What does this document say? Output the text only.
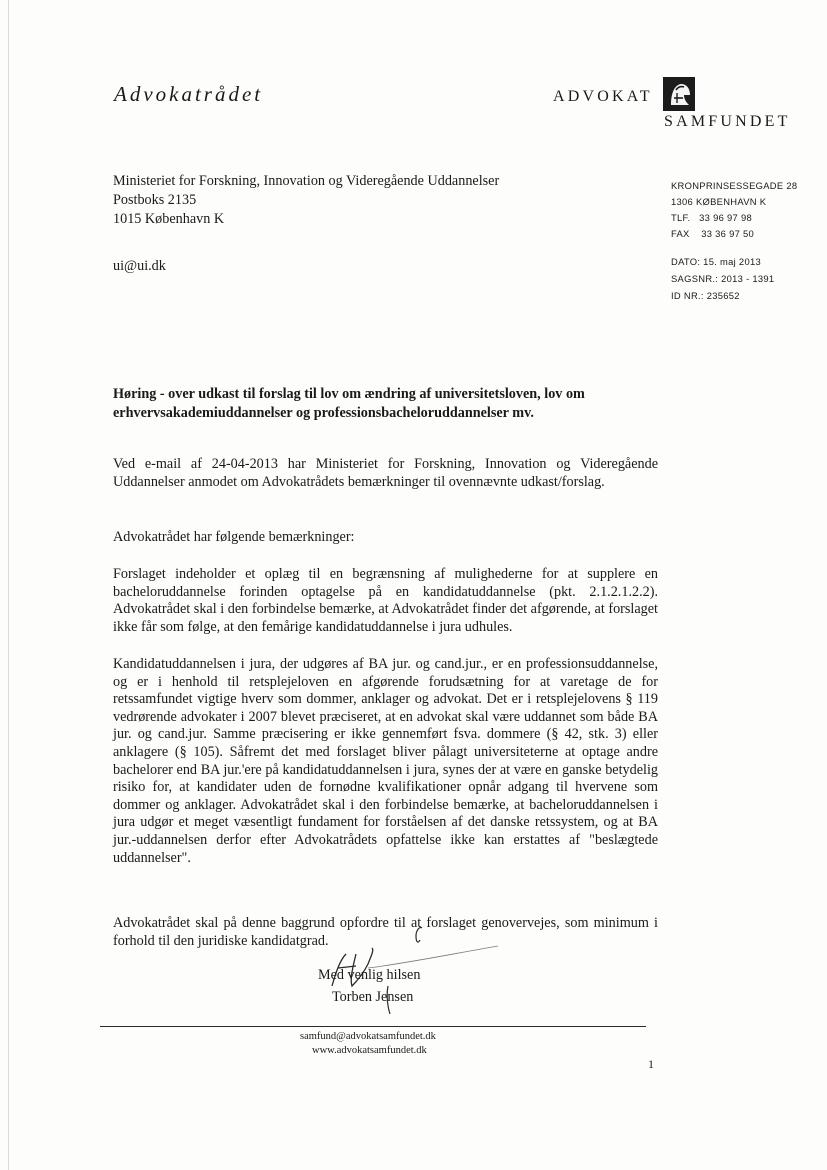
Advokatrådet	ADVOKAT
SAMFUNDET
Ministeriet for Forskning, Innovation og Videregående Uddannelser
Postboks 2135
1015 København K
ui@ui.dk
KRONPRINSESSEGADE 28
1306 KØBENHAVN K
TLF.   33 96 97 98
FAX    33 36 97 50
DATO: 15. maj 2013
SAGSNR.: 2013 - 1391
ID NR.: 235652
Høring - over udkast til forslag til lov om ændring af universitetsloven, lov om erhvervsakademiuddannelser og professionsbacheloruddannelser mv.
Ved e-mail af 24-04-2013 har Ministeriet for Forskning, Innovation og Videregående Uddannelser anmodet om Advokatrådets bemærkninger til ovennævnte udkast/forslag.
Advokatrådet har følgende bemærkninger:
Forslaget indeholder et oplæg til en begrænsning af mulighederne for at supplere en bacheloruddannelse forinden optagelse på en kandidatuddannelse (pkt. 2.1.2.1.2.2). Advokatrådet skal i den forbindelse bemærke, at Advokatrådet finder det afgørende, at forslaget ikke får som følge, at den femårige kandidatuddannelse i jura udhules.
Kandidatuddannelsen i jura, der udgøres af BA jur. og cand.jur., er en professionsuddannelse, og er i henhold til retsplejeloven en afgørende forudsætning for at varetage de for retssamfundet vigtige hverv som dommer, anklager og advokat. Det er i retsplejelovens § 119 vedrørende advokater i 2007 blevet præciseret, at en advokat skal være uddannet som både BA jur. og cand.jur. Samme præcisering er ikke gennemført fsva. dommere (§ 42, stk. 3) eller anklagere (§ 105). Såfremt det med forslaget bliver pålagt universiteterne at optage andre bachelorer end BA jur.'ere på kandidatuddannelsen i jura, synes der at være en ganske betydelig risiko for, at kandidater uden de fornødne kvalifikationer opnår adgang til hvervene som dommer og anklager. Advokatrådet skal i den forbindelse bemærke, at bacheloruddannelsen i jura udgør et meget væsentligt fundament for forståelsen af det danske retssystem, og at BA jur.-uddannelsen derfor efter Advokatrådets opfattelse ikke kan erstattes af "beslægtede uddannelser".
Advokatrådet skal på denne baggrund opfordre til at forslaget genovervejes, som minimum i forhold til den juridiske kandidatgrad.
Med venlig hilsen
Torben Jensen
samfund@advokatsamfundet.dk
www.advokatsamfundet.dk
1
